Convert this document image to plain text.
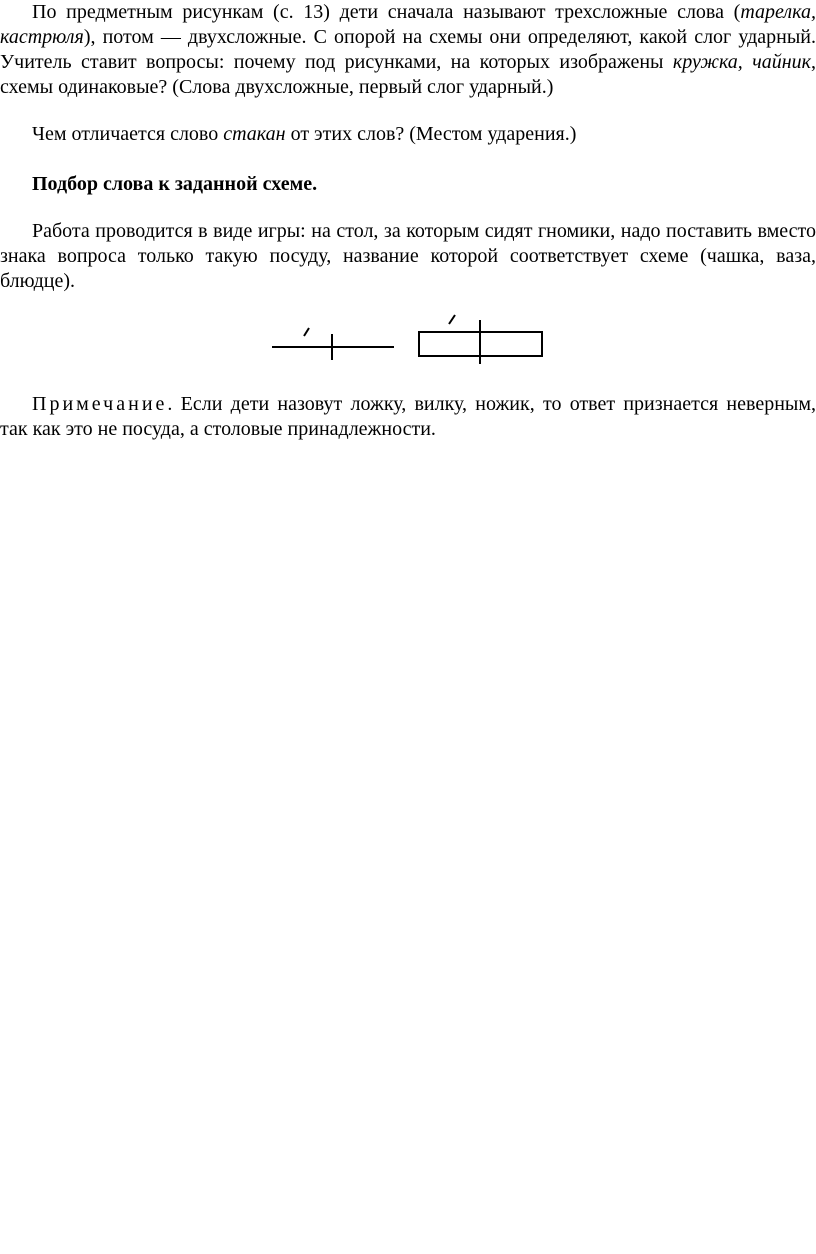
По предметным рисункам (с. 13) дети сначала называют трехсложные слова (тарелка, кастрюля), потом — двухсложные. С опорой на схемы они определяют, какой слог ударный. Учитель ставит вопросы: почему под рисунками, на которых изображены кружка, чайник, схемы одинаковые? (Слова двухсложные, первый слог ударный.)

Чем отличается слово стакан от этих слов? (Местом ударения.)

Подбор слова к заданной схеме.

Работа проводится в виде игры: на стол, за которым сидят гномики, надо поставить вместо знака вопроса только такую посуду, название которой соответствует схеме (чашка, ваза, блюдце).

Примечание. Если дети назовут ложку, вилку, ножик, то ответ признается неверным, так как это не посуда, а столовые принадлежности.
